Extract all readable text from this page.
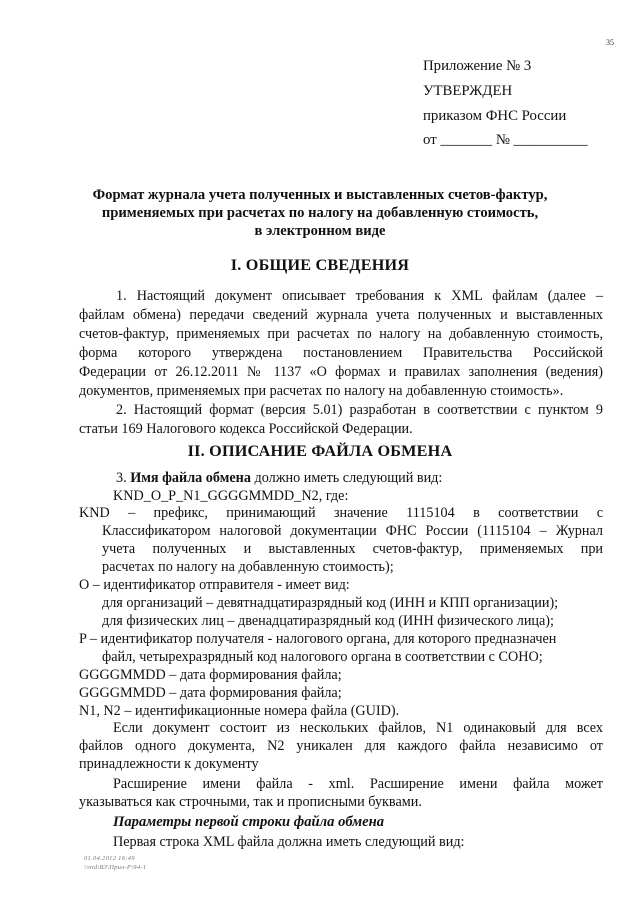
35
Приложение № 3
УТВЕРЖДЕН
приказом ФНС России
от _______ № __________
Формат журнала учета полученных и выставленных счетов-фактур,
применяемых при расчетах по налогу на добавленную стоимость,
в электронном виде
I. ОБЩИЕ СВЕДЕНИЯ
1. Настоящий документ описывает требования к XML файлам (далее –
файлам обмена) передачи сведений журнала учета полученных и выставленных
счетов-фактур, применяемых при расчетах по налогу на добавленную стоимость,
форма которого утверждена постановлением Правительства Российской
Федерации от 26.12.2011 № 1137 «О формах и правилах заполнения (ведения)
документов, применяемых при расчетах по налогу на добавленную стоимость».
2. Настоящий формат (версия 5.01) разработан в соответствии с пунктом 9
статьи 169 Налогового кодекса Российской Федерации.
II. ОПИСАНИЕ ФАЙЛА ОБМЕНА
3. Имя файла обмена должно иметь следующий вид:
KND_O_P_N1_GGGGMMDD_N2, где:
KND – префикс, принимающий значение 1115104 в соответствии с
Классификатором налоговой документации ФНС России (1115104 – Журнал
учета полученных и выставленных счетов-фактур, применяемых при
расчетах по налогу на добавленную стоимость);
O – идентификатор отправителя - имеет вид:
для организаций – девятнадцатиразрядный код (ИНН и КПП организации);
для физических лиц – двенадцатиразрядный код (ИНН физического лица);
P – идентификатор получателя - налогового органа, для которого предназначен
файл, четырехразрядный код налогового органа в соответствии с СОНО;
GGGGMMDD – дата формирования файла;
GGGGMMDD – дата формирования файла;
N1, N2 – идентификационные номера файла (GUID).
Если документ состоит из нескольких файлов, N1 одинаковый для всех
файлов одного документа, N2 уникален для каждого файла независимо от
принадлежности к документу
Расширение имени файла - xml. Расширение имени файла может
указываться как строчными, так и прописными буквами.
Параметры первой строки файла обмена
Первая строка XML файла должна иметь следующий вид:
01.04.2012 16:49
\\ntd\ВЗ\Прил-Р\94-1
